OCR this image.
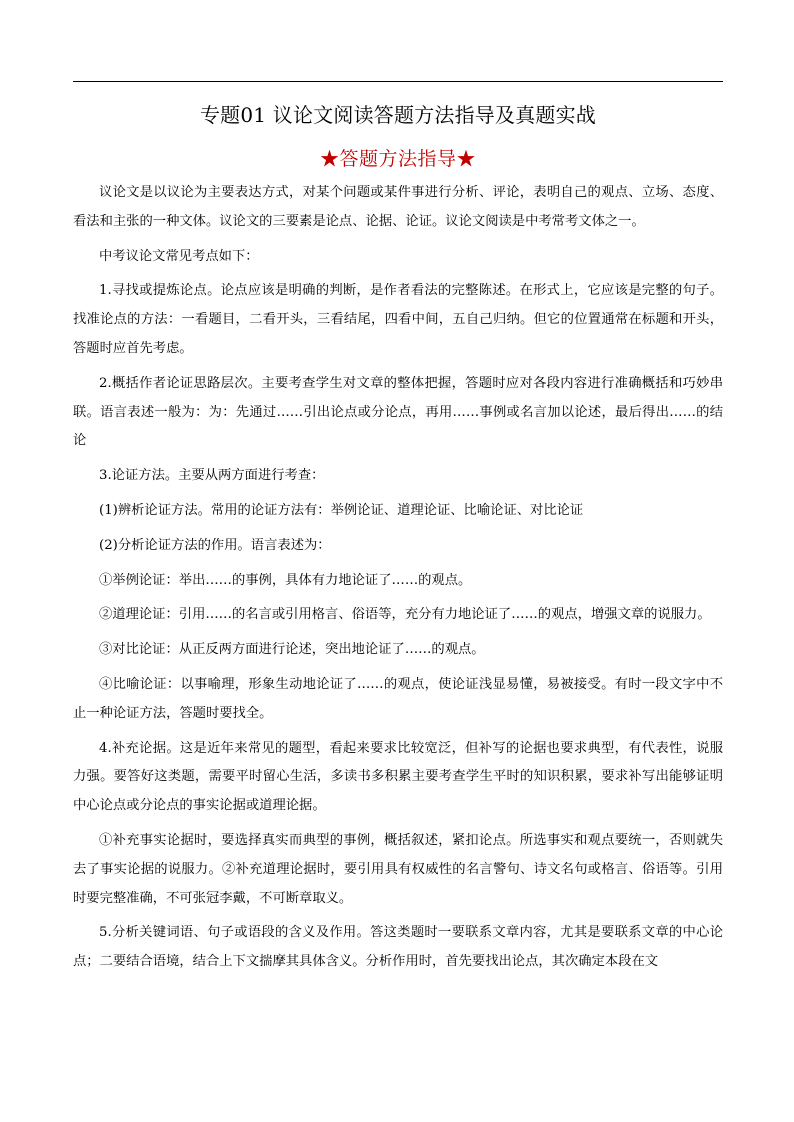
专题01 议论文阅读答题方法指导及真题实战
★答题方法指导★

议论文是以议论为主要表达方式，对某个问题或某件事进行分析、评论，表明自己的观点、立场、态度、看法和主张的一种文体。议论文的三要素是论点、论据、论证。议论文阅读是中考常考文体之一。

中考议论文常见考点如下：

1.寻找或提炼论点。论点应该是明确的判断，是作者看法的完整陈述。在形式上，它应该是完整的句子。找准论点的方法：一看题目，二看开头，三看结尾，四看中间，五自己归纳。但它的位置通常在标题和开头，答题时应首先考虑。

2.概括作者论证思路层次。主要考查学生对文章的整体把握，答题时应对各段内容进行准确概括和巧妙串联。语言表述一般为：为：先通过……引出论点或分论点，再用……事例或名言加以论述，最后得出……的结论

3.论证方法。主要从两方面进行考查：

(1)辨析论证方法。常用的论证方法有：举例论证、道理论证、比喻论证、对比论证

(2)分析论证方法的作用。语言表述为：

①举例论证：举出……的事例，具体有力地论证了……的观点。

②道理论证：引用……的名言或引用格言、俗语等，充分有力地论证了……的观点，增强文章的说服力。

③对比论证：从正反两方面进行论述，突出地论证了……的观点。

④比喻论证：以事喻理，形象生动地论证了……的观点，使论证浅显易懂，易被接受。有时一段文字中不止一种论证方法，答题时要找全。

4.补充论据。这是近年来常见的题型，看起来要求比较宽泛，但补写的论据也要求典型，有代表性，说服力强。要答好这类题，需要平时留心生活，多读书多积累主要考查学生平时的知识积累，要求补写出能够证明中心论点或分论点的事实论据或道理论据。

①补充事实论据时，要选择真实而典型的事例，概括叙述，紧扣论点。所选事实和观点要统一，否则就失去了事实论据的说服力。②补充道理论据时，要引用具有权威性的名言警句、诗文名句或格言、俗语等。引用时要完整准确，不可张冠李戴，不可断章取义。

5.分析关键词语、句子或语段的含义及作用。答这类题时一要联系文章内容，尤其是要联系文章的中心论点；二要结合语境，结合上下文揣摩其具体含义。分析作用时，首先要找出论点，其次确定本段在文
